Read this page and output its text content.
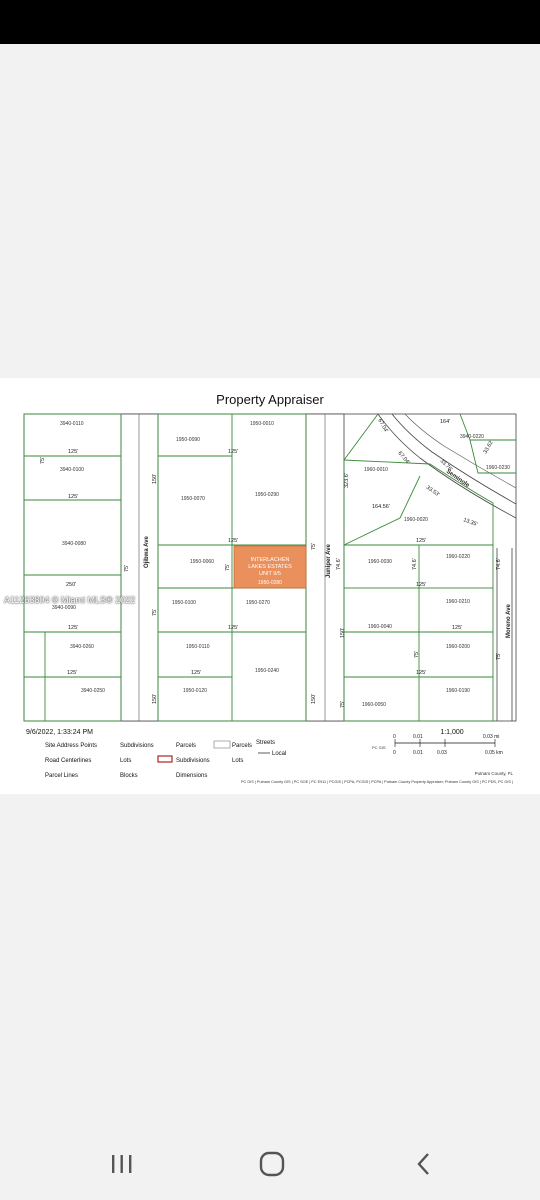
Property Appraiser
INTERLACHEN
LAKES ESTATES
UNIT 9/5
1950-0280
3940-0110
1950-0090
1950-0010
1950-0070
1950-0290
3940-0100
3940-0080
1950-0060
3940-0090
1950-0100	1950-0270
3940-0260	1950-0110
1950-0240
3940-0250	1950-0120
1960-0010
1960-0020
1960-0030
1960-0220
1960-0210
1960-0040
1960-0200
1960-0050
1960-0190
3940-0220
1960-0230
125'
125'
125'
125'
250'
125'
125'
125'
125'
125'
125'
125'
125'
164.56'
323.6'
74.6'	74.6'	74.6'
150'
75'
150'
75'
75'
75'
75'
150'
150'
75'
75'	75'
67.04'
33.53'
13.35'
67.04'	164'
33.76'
33.62'
Ojibwa Ave	Juniper Ave
Seminole
Moreno Ave
9/6/2022, 1:33:24 PM	1:1,000
0	0.01	0.03 mi
0	0.01	0.03	0.05 km
PC GIS
Site Address Points
Road Centerlines
Parcel Lines
Subdivisions
Lots
Blocks
Parcels
Subdivisions
Dimensions
Parcels
Lots
Streets
Local
Putnam County, FL
PC GIS | Putnam County GIS | PC SOE | PC E911 | PCGIS | PCPA, PCGIS | PCPA | Putnam County Property Appraiser; Putnam County GIS | PC PDS, PC GIS |
A11263804 © Miami MLS® 2022
